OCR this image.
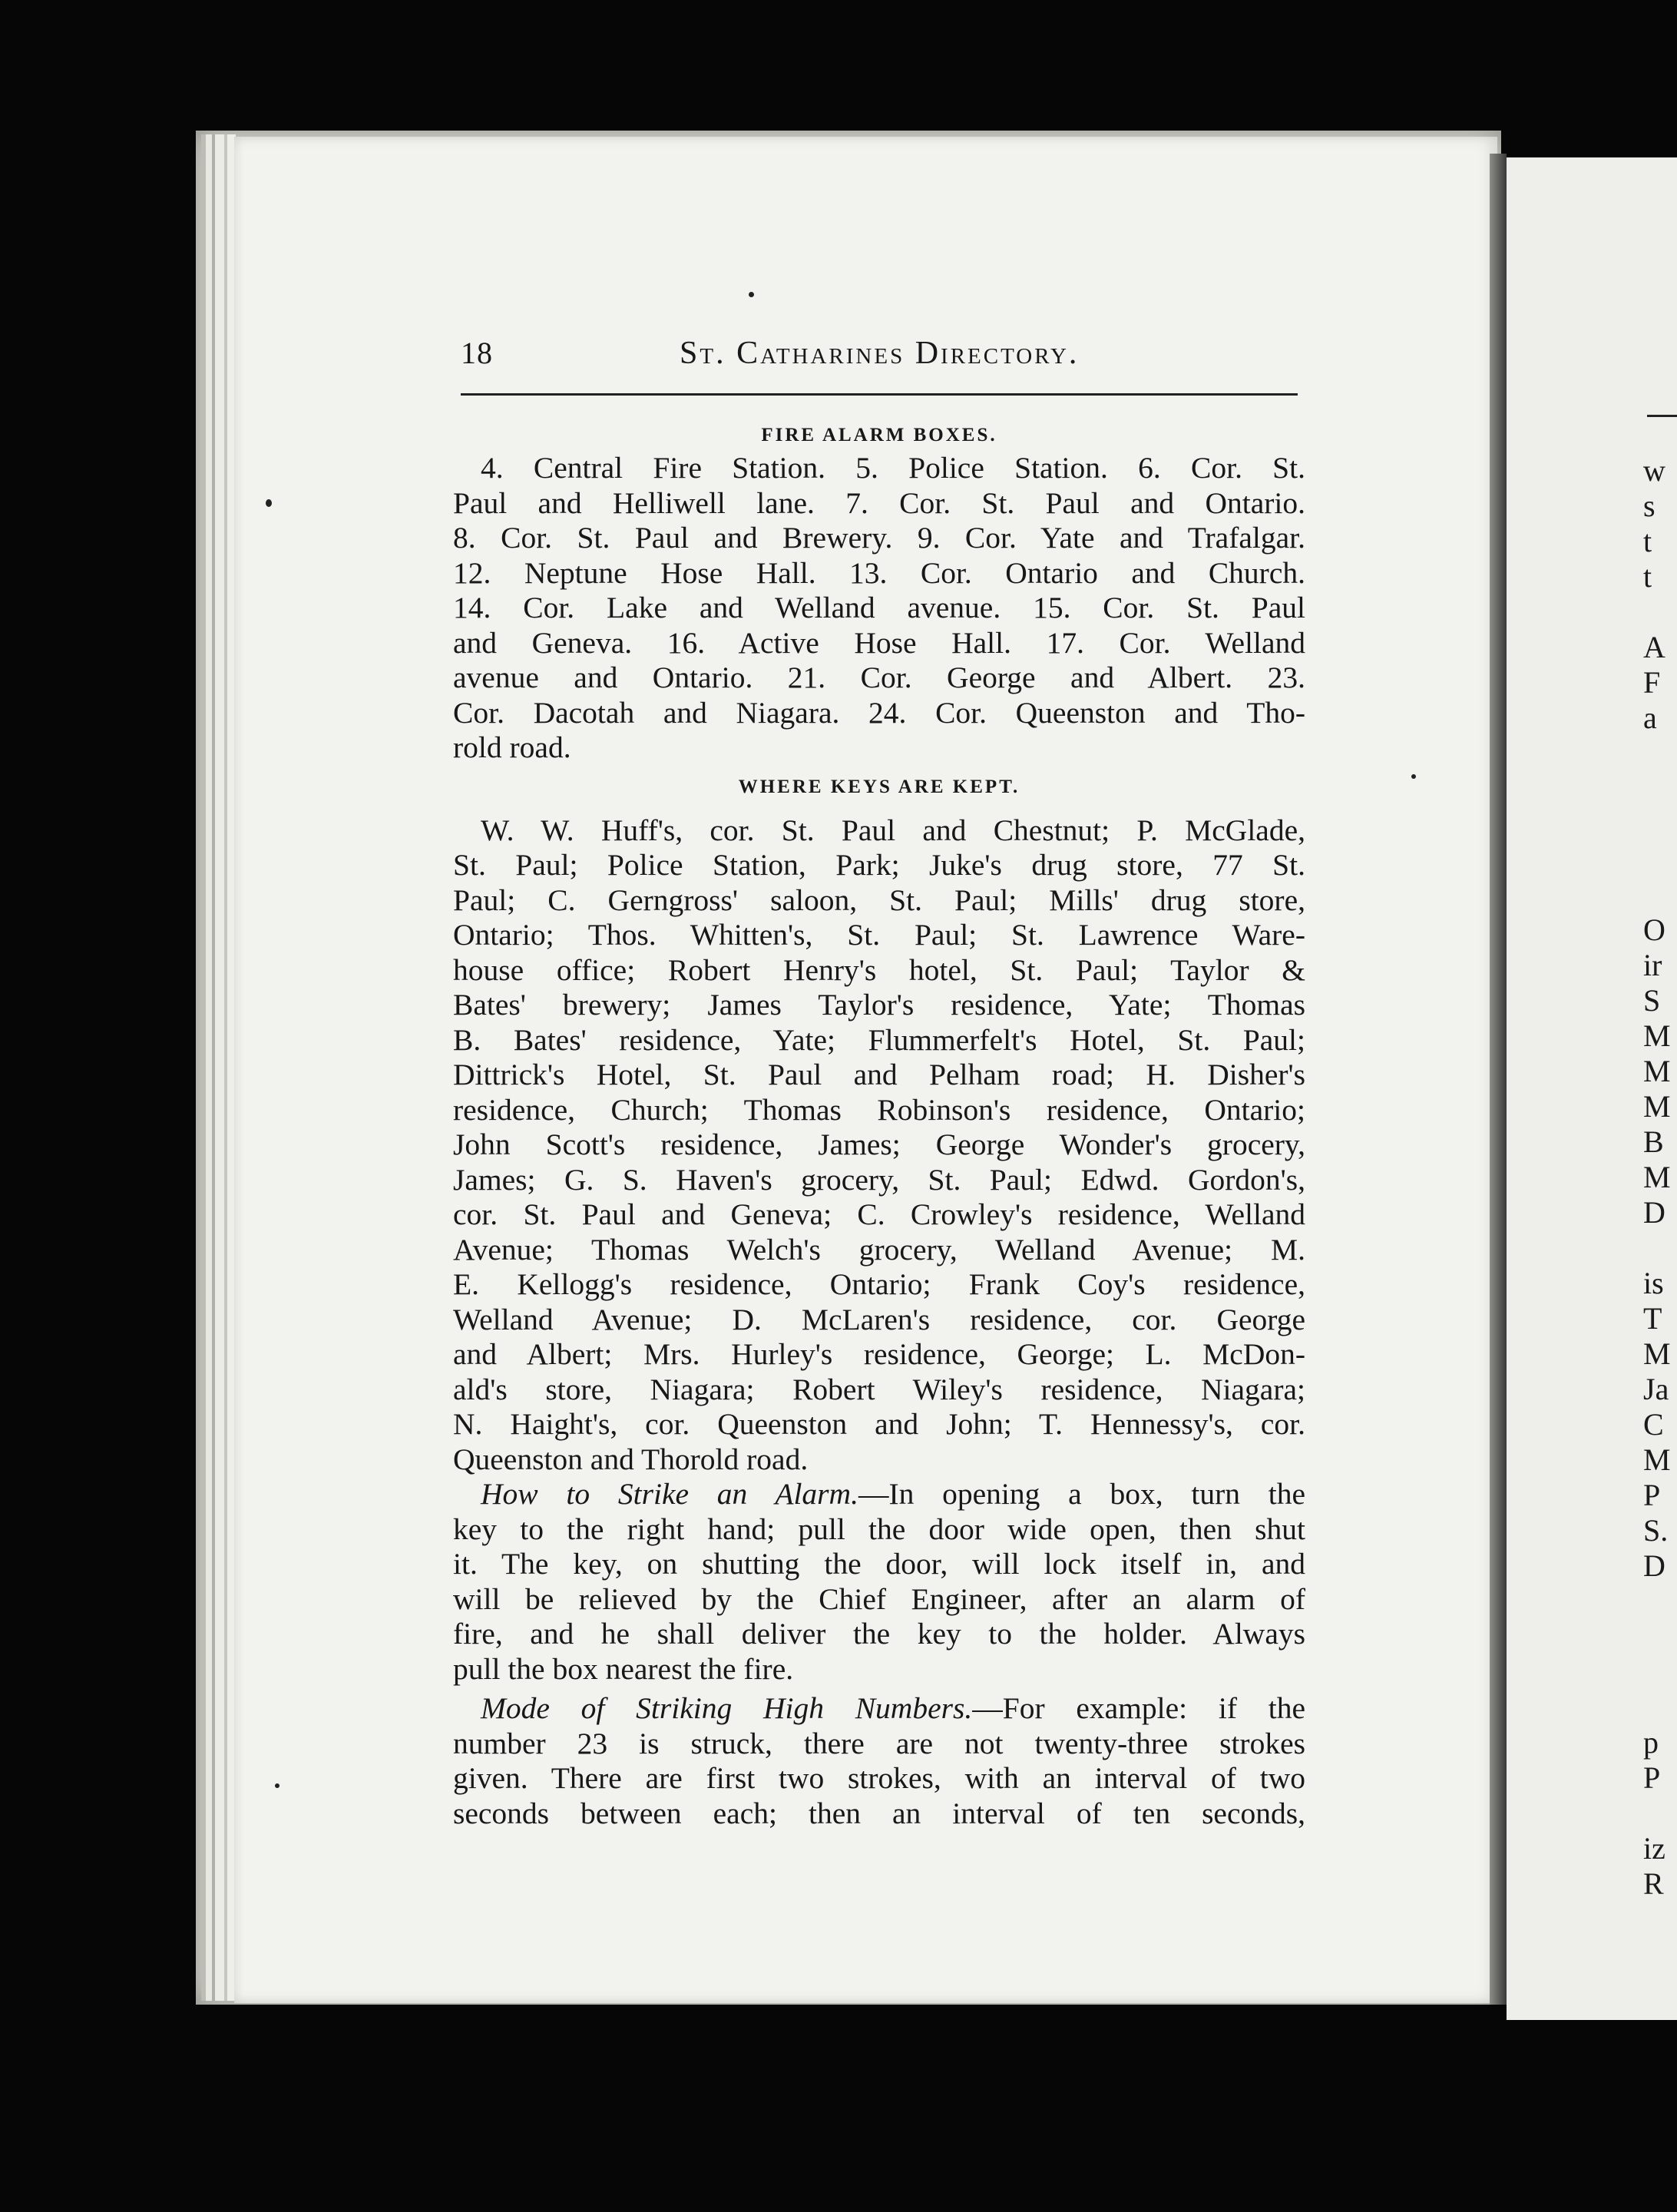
w
s
t
t
A
F
a
O
ir
S
M
M
M
B
M
D
is
T
M
Ja
C
M
P
S.
D
p
P
iz
R
18	St. Catharines Directory.
FIRE ALARM BOXES.

4. Central Fire Station. 5. Police Station. 6. Cor. St.
Paul and Helliwell lane. 7. Cor. St. Paul and Ontario.
8. Cor. St. Paul and Brewery. 9. Cor. Yate and Trafalgar.
12. Neptune Hose Hall. 13. Cor. Ontario and Church.
14. Cor. Lake and Welland avenue. 15. Cor. St. Paul
and Geneva. 16. Active Hose Hall. 17. Cor. Welland
avenue and Ontario. 21. Cor. George and Albert. 23.
Cor. Dacotah and Niagara. 24. Cor. Queenston and Tho-
rold road.

WHERE KEYS ARE KEPT.

W. W. Huff's, cor. St. Paul and Chestnut; P. McGlade,
St. Paul; Police Station, Park; Juke's drug store, 77 St.
Paul; C. Gerngross' saloon, St. Paul; Mills' drug store,
Ontario; Thos. Whitten's, St. Paul; St. Lawrence Ware-
house office; Robert Henry's hotel, St. Paul; Taylor &
Bates' brewery; James Taylor's residence, Yate; Thomas
B. Bates' residence, Yate; Flummerfelt's Hotel, St. Paul;
Dittrick's Hotel, St. Paul and Pelham road; H. Disher's
residence, Church; Thomas Robinson's residence, Ontario;
John Scott's residence, James; George Wonder's grocery,
James; G. S. Haven's grocery, St. Paul; Edwd. Gordon's,
cor. St. Paul and Geneva; C. Crowley's residence, Welland
Avenue; Thomas Welch's grocery, Welland Avenue; M.
E. Kellogg's residence, Ontario; Frank Coy's residence,
Welland Avenue; D. McLaren's residence, cor. George
and Albert; Mrs. Hurley's residence, George; L. McDon-
ald's store, Niagara; Robert Wiley's residence, Niagara;
N. Haight's, cor. Queenston and John; T. Hennessy's, cor.
Queenston and Thorold road.

How to Strike an Alarm.—In opening a box, turn the
key to the right hand; pull the door wide open, then shut
it. The key, on shutting the door, will lock itself in, and
will be relieved by the Chief Engineer, after an alarm of
fire, and he shall deliver the key to the holder. Always
pull the box nearest the fire.

Mode of Striking High Numbers.—For example: if the
number 23 is struck, there are not twenty-three strokes
given. There are first two strokes, with an interval of two
seconds between each; then an interval of ten seconds,
